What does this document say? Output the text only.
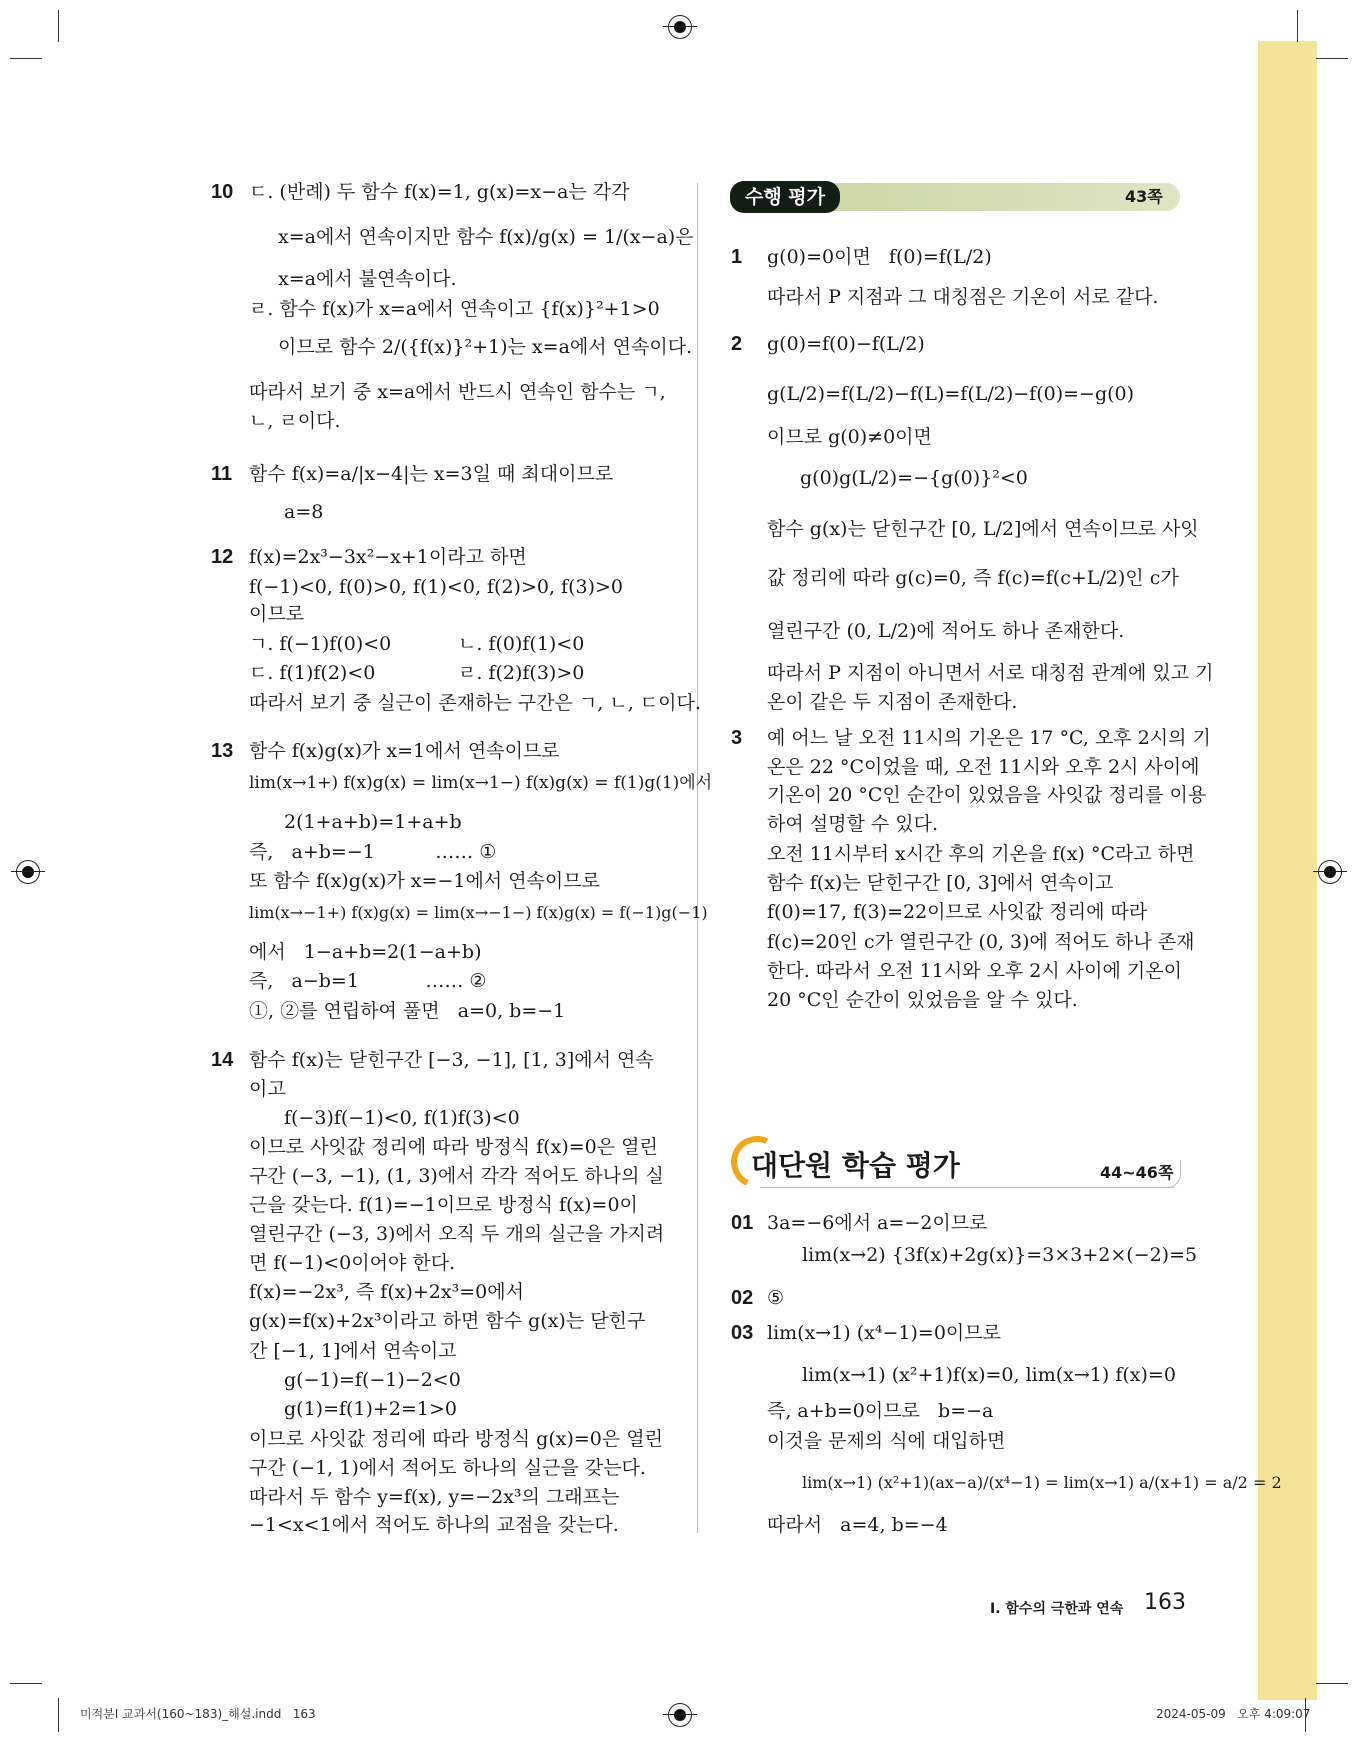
10 ㄷ. (반례) 두 함수 f(x)=1, g(x)=x−a는 각각
x=a에서 연속이지만 함수 f(x)/g(x) = 1/(x−a)은
x=a에서 불연속이다.
ㄹ. 함수 f(x)가 x=a에서 연속이고 {f(x)}²+1>0
이므로 함수 2/({f(x)}²+1)는 x=a에서 연속이다.
따라서 보기 중 x=a에서 반드시 연속인 함수는 ㄱ,
ㄴ, ㄹ이다.
11 함수 f(x)=a/|x−4|는 x=3일 때 최대이므로
a=8
12 f(x)=2x³−3x²−x+1이라고 하면
f(−1)<0, f(0)>0, f(1)<0, f(2)>0, f(3)>0
이므로
ㄱ. f(−1)f(0)<0	ㄴ. f(0)f(1)<0
ㄷ. f(1)f(2)<0	ㄹ. f(2)f(3)>0
따라서 보기 중 실근이 존재하는 구간은 ㄱ, ㄴ, ㄷ이다.
13 함수 f(x)g(x)가 x=1에서 연속이므로
lim(x→1+) f(x)g(x) = lim(x→1−) f(x)g(x) = f(1)g(1)에서
2(1+a+b)=1+a+b
즉,   a+b=−1          …… ①
또 함수 f(x)g(x)가 x=−1에서 연속이므로
lim(x→−1+) f(x)g(x) = lim(x→−1−) f(x)g(x) = f(−1)g(−1)
에서   1−a+b=2(1−a+b)
즉,   a−b=1           …… ②
①, ②를 연립하여 풀면   a=0, b=−1
14 함수 f(x)는 닫힌구간 [−3, −1], [1, 3]에서 연속
이고
f(−3)f(−1)<0, f(1)f(3)<0
이므로 사잇값 정리에 따라 방정식 f(x)=0은 열린
구간 (−3, −1), (1, 3)에서 각각 적어도 하나의 실
근을 갖는다. f(1)=−1이므로 방정식 f(x)=0이
열린구간 (−3, 3)에서 오직 두 개의 실근을 가지려
면 f(−1)<0이어야 한다.
f(x)=−2x³, 즉 f(x)+2x³=0에서
g(x)=f(x)+2x³이라고 하면 함수 g(x)는 닫힌구
간 [−1, 1]에서 연속이고
g(−1)=f(−1)−2<0
g(1)=f(1)+2=1>0
이므로 사잇값 정리에 따라 방정식 g(x)=0은 열린
구간 (−1, 1)에서 적어도 하나의 실근을 갖는다.
따라서 두 함수 y=f(x), y=−2x³의 그래프는
−1<x<1에서 적어도 하나의 교점을 갖는다.
수행 평가	43쪽
1 g(0)=0이면   f(0)=f(L/2)
따라서 P 지점과 그 대칭점은 기온이 서로 같다.
2 g(0)=f(0)−f(L/2)
g(L/2)=f(L/2)−f(L)=f(L/2)−f(0)=−g(0)
이므로 g(0)≠0이면
g(0)g(L/2)=−{g(0)}²<0
함수 g(x)는 닫힌구간 [0, L/2]에서 연속이므로 사잇
값 정리에 따라 g(c)=0, 즉 f(c)=f(c+L/2)인 c가
열린구간 (0, L/2)에 적어도 하나 존재한다.
따라서 P 지점이 아니면서 서로 대칭점 관계에 있고 기
온이 같은 두 지점이 존재한다.
3 예 어느 날 오전 11시의 기온은 17 °C, 오후 2시의 기
온은 22 °C이었을 때, 오전 11시와 오후 2시 사이에
기온이 20 °C인 순간이 있었음을 사잇값 정리를 이용
하여 설명할 수 있다.
오전 11시부터 x시간 후의 기온을 f(x) °C라고 하면
함수 f(x)는 닫힌구간 [0, 3]에서 연속이고
f(0)=17, f(3)=22이므로 사잇값 정리에 따라
f(c)=20인 c가 열린구간 (0, 3)에 적어도 하나 존재
한다. 따라서 오전 11시와 오후 2시 사이에 기온이
20 °C인 순간이 있었음을 알 수 있다.
대단원 학습 평가	44~46쪽
01 3a=−6에서 a=−2이므로
lim(x→2) {3f(x)+2g(x)}=3×3+2×(−2)=5
02 ⑤
03 lim(x→1) (x⁴−1)=0이므로
lim(x→1) (x²+1)f(x)=0, lim(x→1) f(x)=0
즉, a+b=0이므로   b=−a
이것을 문제의 식에 대입하면
lim(x→1) (x²+1)(ax−a)/(x⁴−1) = lim(x→1) a/(x+1) = a/2 = 2
따라서   a=4, b=−4
Ⅰ. 함수의 극한과 연속 163
미적분Ⅰ 교과서(160~183)_해설.indd   163	2024-05-09   오후 4:09:07
